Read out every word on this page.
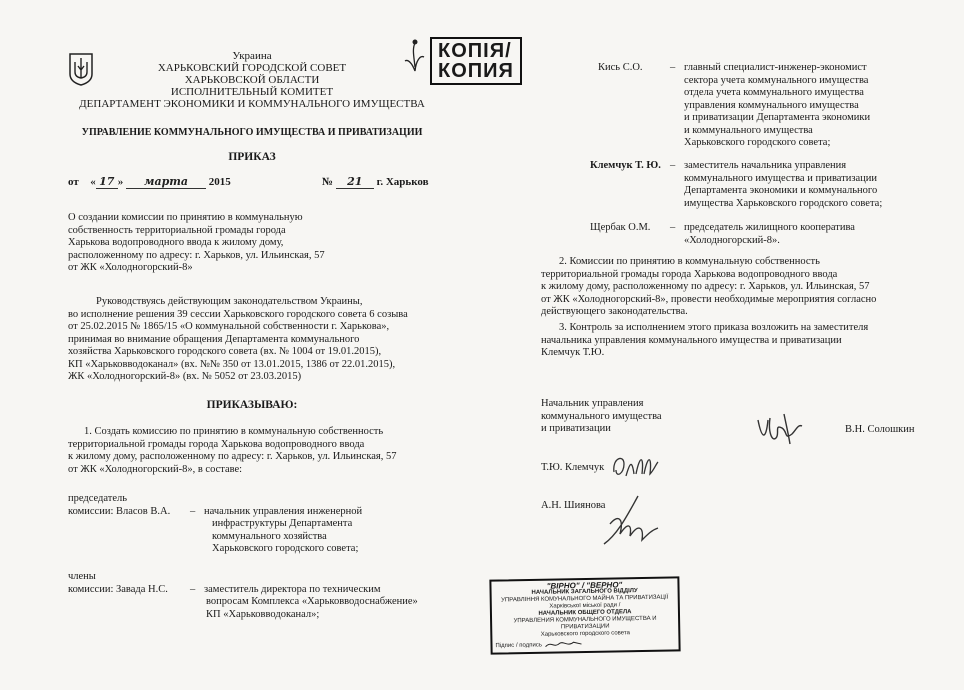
Украина
ХАРЬКОВСКИЙ ГОРОДСКОЙ СОВЕТ
ХАРЬКОВСКОЙ ОБЛАСТИ
ИСПОЛНИТЕЛЬНЫЙ КОМИТЕТ
ДЕПАРТАМЕНТ ЭКОНОМИКИ И КОММУНАЛЬНОГО ИМУЩЕСТВА
КОПІЯ/
КОПИЯ
УПРАВЛЕНИЕ КОММУНАЛЬНОГО ИМУЩЕСТВА И ПРИВАТИЗАЦИИ
ПРИКАЗ
от « 17 » марта 2015	№ 21 г. Харьков
О создании комиссии по принятию в коммунальную
собственность территориальной громады города
Харькова водопроводного ввода к жилому дому,
расположенному по адресу: г. Харьков, ул. Ильинская, 57
от ЖК «Холодногорский-8»
Руководствуясь действующим законодательством Украины,
во исполнение решения 39 сессии Харьковского городского совета 6 созыва
от 25.02.2015 № 1865/15 «О коммунальной собственности г. Харькова»,
принимая во внимание обращения Департамента коммунального
хозяйства Харьковского городского совета (вх. № 1004 от 19.01.2015),
КП «Харьковводоканал» (вх. №№ 350 от 13.01.2015, 1386 от 22.01.2015),
ЖК «Холодногорский-8» (вх. № 5052 от 23.03.2015)
ПРИКАЗЫВАЮ:
1. Создать комиссию по принятию в коммунальную собственность
территориальной громады города Харькова водопроводного ввода
к жилому дому, расположенному по адресу: г. Харьков, ул. Ильинская, 57
от ЖК «Холодногорский-8», в составе:
председатель
комиссии: Власов В.А.	– начальник управления инженерной
инфраструктуры Департамента
коммунального хозяйства
Харьковского городского совета;
члены
комиссии: Завада Н.С.	– заместитель директора по техническим
вопросам Комплекса «Харьковводоснабжение»
КП «Харьковводоканал»;
Кись С.О.	– главный специалист-инженер-экономист
сектора учета коммунального имущества
отдела учета коммунального имущества
управления коммунального имущества
и приватизации Департамента экономики
и коммунального имущества
Харьковского городского совета;
Клемчук Т. Ю. – заместитель начальника управления
коммунального имущества и приватизации
Департамента экономики и коммунального
имущества Харьковского городского совета;
Щербак О.М.	– председатель жилищного кооператива
«Холодногорский-8».
2. Комиссии по принятию в коммунальную собственность
территориальной громады города Харькова водопроводного ввода
к жилому дому, расположенному по адресу: г. Харьков, ул. Ильинская, 57
от ЖК «Холодногорский-8», провести необходимые мероприятия согласно
действующего законодательства.
3. Контроль за исполнением этого приказа возложить на заместителя
начальника управления коммунального имущества и приватизации
Клемчук Т.Ю.
Начальник управления
коммунального имущества
и приватизации	В.Н. Солошкин
Т.Ю. Клемчук
А.Н. Шиянова
"ВІРНО" / "ВЕРНО"
НАЧАЛЬНИК ЗАГАЛЬНОГО ВІДДІЛУ
УПРАВЛІННЯ КОМУНАЛЬНОГО МАЙНА ТА ПРИВАТИЗАЦІЇ
Харківської міської ради /
НАЧАЛЬНИК ОБЩЕГО ОТДЕЛА
УПРАВЛЕНИЯ КОММУНАЛЬНОГО ИМУЩЕСТВА И ПРИВАТИЗАЦИИ
Харьковского городского совета
Підпис / подпись
